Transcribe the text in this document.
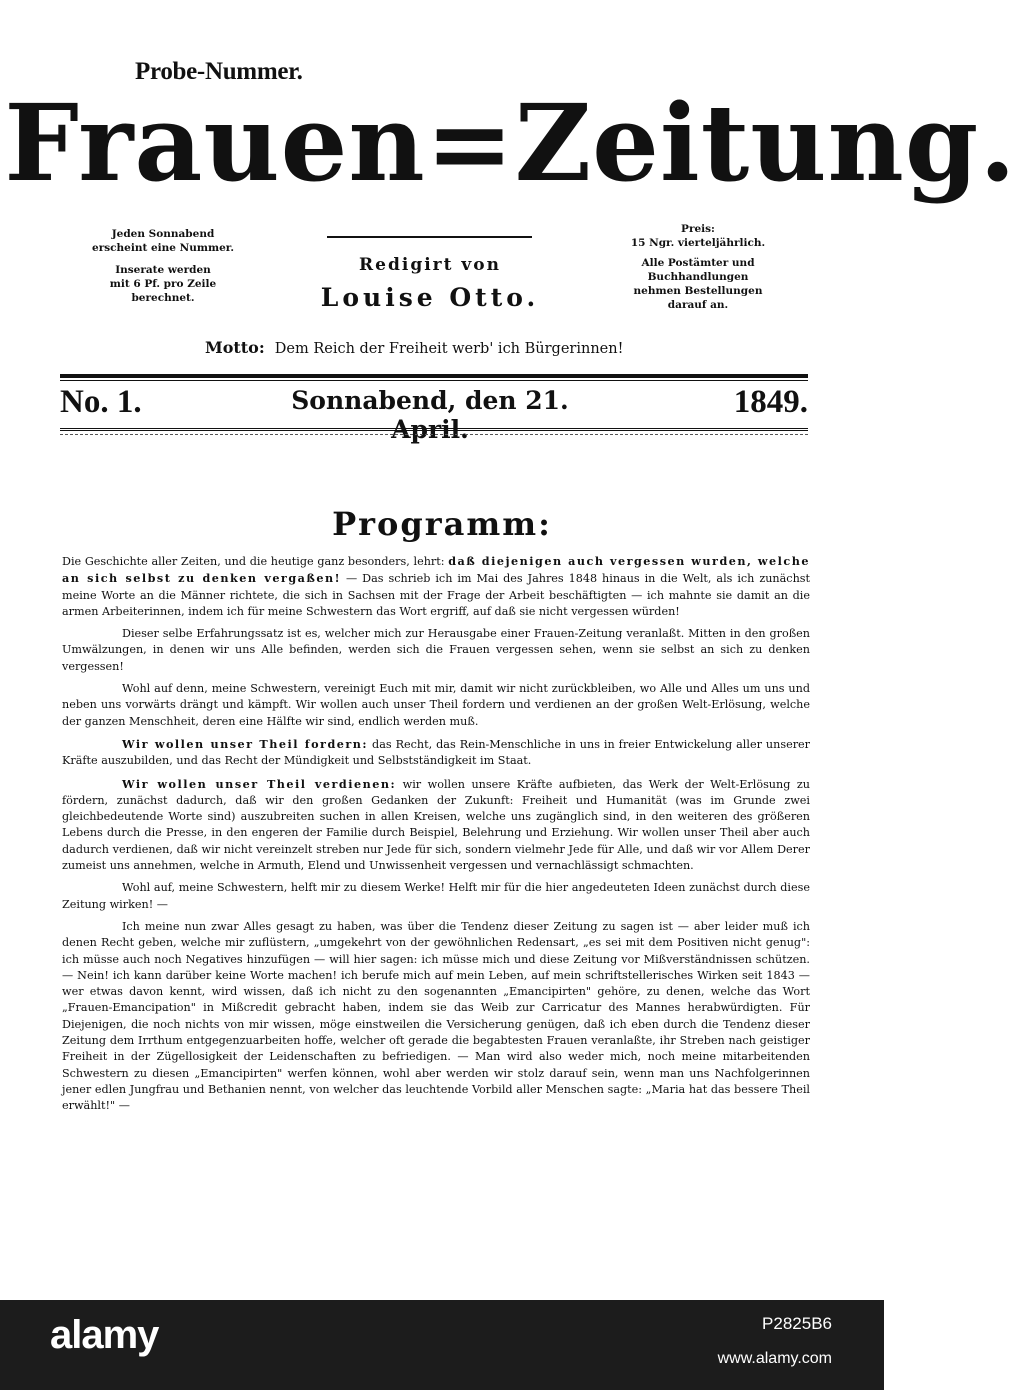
Probe-Nummer.
Frauen=Zeitung.
Jeden Sonnabend
erscheint eine Nummer.
Inserate werden
mit 6 Pf. pro Zeile
berechnet.
Preis:
15 Ngr. vierteljährlich.
Alle Postämter und
Buchhandlungen
nehmen Bestellungen
darauf an.
Redigirt von
Louise Otto.
Motto: Dem Reich der Freiheit werb' ich Bürgerinnen!
No. 1.	Sonnabend, den 21. April.
1849.
Programm:

Die Geschichte aller Zeiten, und die heutige ganz besonders, lehrt: daß diejenigen auch vergessen wurden, welche an sich selbst zu denken vergaßen! — Das schrieb ich im Mai des Jahres 1848 hinaus in die Welt, als ich zunächst meine Worte an die Männer richtete, die sich in Sachsen mit der Frage der Arbeit beschäftigten — ich mahnte sie damit an die armen Arbeiterinnen, indem ich für meine Schwestern das Wort ergriff, auf daß sie nicht vergessen würden!

Dieser selbe Erfahrungssatz ist es, welcher mich zur Herausgabe einer Frauen-Zeitung veranlaßt. Mitten in den großen Umwälzungen, in denen wir uns Alle befinden, werden sich die Frauen vergessen sehen, wenn sie selbst an sich zu denken vergessen!

Wohl auf denn, meine Schwestern, vereinigt Euch mit mir, damit wir nicht zurückbleiben, wo Alle und Alles um uns und neben uns vorwärts drängt und kämpft. Wir wollen auch unser Theil fordern und verdienen an der großen Welt-Erlösung, welche der ganzen Menschheit, deren eine Hälfte wir sind, endlich werden muß.

Wir wollen unser Theil fordern: das Recht, das Rein-Menschliche in uns in freier Entwickelung aller unserer Kräfte auszubilden, und das Recht der Mündigkeit und Selbstständigkeit im Staat.

Wir wollen unser Theil verdienen: wir wollen unsere Kräfte aufbieten, das Werk der Welt-Erlösung zu fördern, zunächst dadurch, daß wir den großen Gedanken der Zukunft: Freiheit und Humanität (was im Grunde zwei gleichbedeutende Worte sind) auszubreiten suchen in allen Kreisen, welche uns zugänglich sind, in den weiteren des größeren Lebens durch die Presse, in den engeren der Familie durch Beispiel, Belehrung und Erziehung. Wir wollen unser Theil aber auch dadurch verdienen, daß wir nicht vereinzelt streben nur Jede für sich, sondern vielmehr Jede für Alle, und daß wir vor Allem Derer zumeist uns annehmen, welche in Armuth, Elend und Unwissenheit vergessen und vernachlässigt schmachten.

Wohl auf, meine Schwestern, helft mir zu diesem Werke! Helft mir für die hier angedeuteten Ideen zunächst durch diese Zeitung wirken! —

Ich meine nun zwar Alles gesagt zu haben, was über die Tendenz dieser Zeitung zu sagen ist — aber leider muß ich denen Recht geben, welche mir zuflüstern, „umgekehrt von der gewöhnlichen Redensart, „es sei mit dem Positiven nicht genug": ich müsse auch noch Negatives hinzufügen — will hier sagen: ich müsse mich und diese Zeitung vor Mißverständnissen schützen. — Nein! ich kann darüber keine Worte machen! ich berufe mich auf mein Leben, auf mein schriftstellerisches Wirken seit 1843 — wer etwas davon kennt, wird wissen, daß ich nicht zu den sogenannten „Emancipirten" gehöre, zu denen, welche das Wort „Frauen-Emancipation" in Mißcredit gebracht haben, indem sie das Weib zur Carricatur des Mannes herabwürdigten. Für Diejenigen, die noch nichts von mir wissen, möge einstweilen die Versicherung genügen, daß ich eben durch die Tendenz dieser Zeitung dem Irrthum entgegenzuarbeiten hoffe, welcher oft gerade die begabtesten Frauen veranlaßte, ihr Streben nach geistiger Freiheit in der Zügellosigkeit der Leidenschaften zu befriedigen. — Man wird also weder mich, noch meine mitarbeitenden Schwestern zu diesen „Emancipirten" werfen können, wohl aber werden wir stolz darauf sein, wenn man uns Nachfolgerinnen jener edlen Jungfrau und Bethanien nennt, von welcher das leuchtende Vorbild aller Menschen sagte: „Maria hat das bessere Theil erwählt!" —

alamy	P2825B6
www.alamy.com
